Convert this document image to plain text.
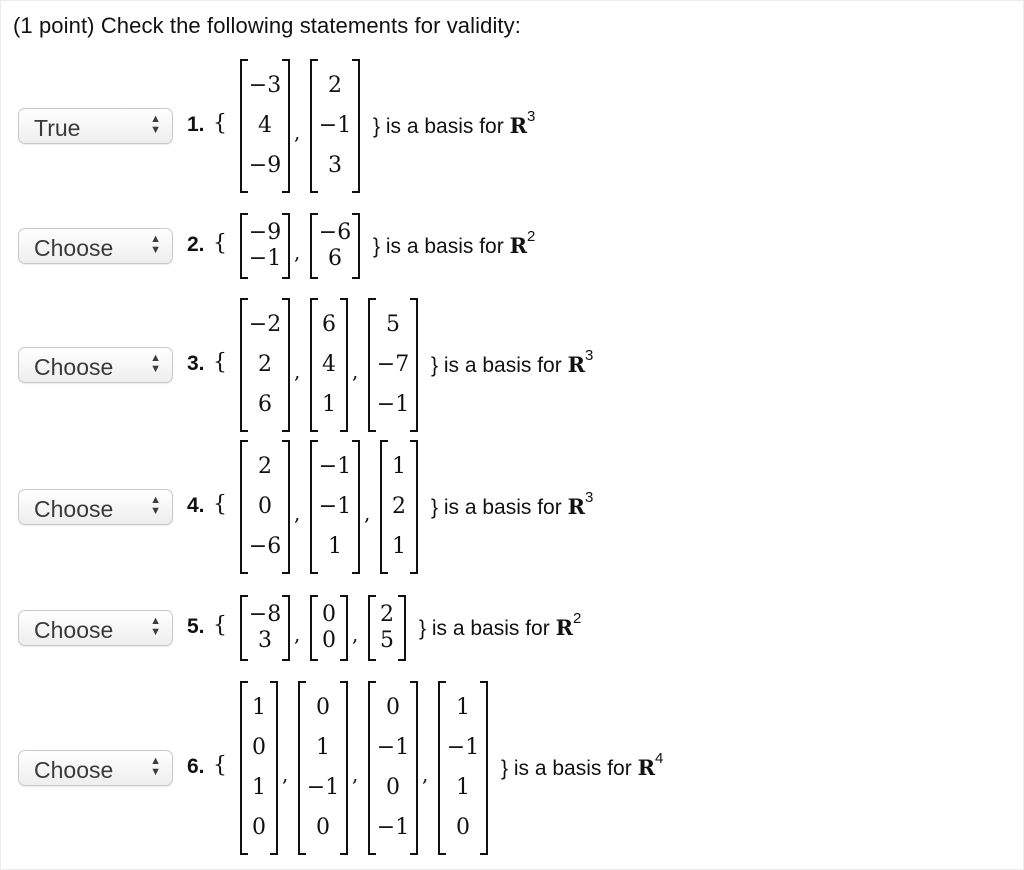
(1 point) Check the following statements for validity:
True	▲
▼ 1. {
−3
4
−9
,
2
−1
3
} is a basis for $R^3$
Choose	▲
▼ 2. { −9
−1 ,
−6
6	} is a basis for $R^2$
Choose	▲
▼ 3. {
−2
2
6
,
6
4
1
,
5
−7
−1
} is a basis for $R^3$
Choose	▲
▼ 4. {
2
0
−6
,
−1
−1
1
,
1
2
1
} is a basis for $R^3$
Choose	▲
▼ 5. { −8
3	,
0
0 ,
2
5	} is a basis for $R^2$
Choose	▲
▼ 6. {
1
0
1
0
,
0
1
−1
0
,
0
−1
0
−1
,
1
−1
1
0
} is a basis for $R^4$
